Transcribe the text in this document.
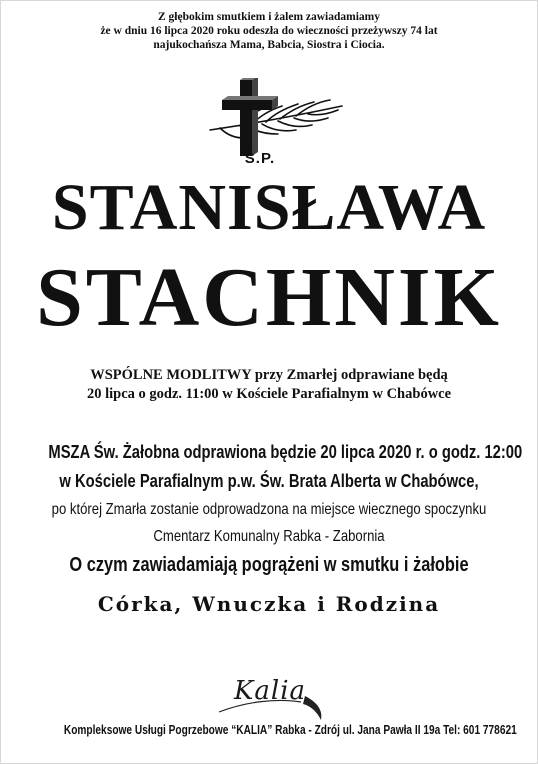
Z głębokim smutkiem i żalem zawiadamiamy
że w dniu 16 lipca 2020 roku odeszła do wieczności przeżywszy 74 lat
najukochańsza Mama, Babcia, Siostra i Ciocia.
Ś.P.
STANISŁAWA
STACHNIK
WSPÓLNE MODLITWY przy Zmarłej odprawiane będą
20 lipca o godz. 11:00 w Kościele Parafialnym w Chabówce
MSZA Św. Żałobna odprawiona będzie 20 lipca 2020 r. o godz. 12:00
w Kościele Parafialnym p.w. Św. Brata Alberta w Chabówce,
po której Zmarła zostanie odprowadzona na miejsce wiecznego spoczynku
Cmentarz Komunalny Rabka - Zabornia
O czym zawiadamiają pogrążeni w smutku i żałobie
Córka, Wnuczka i Rodzina
Kalia
Kompleksowe Usługi Pogrzebowe “KALIA” Rabka - Zdrój ul. Jana Pawła II 19a Tel: 601 778621
